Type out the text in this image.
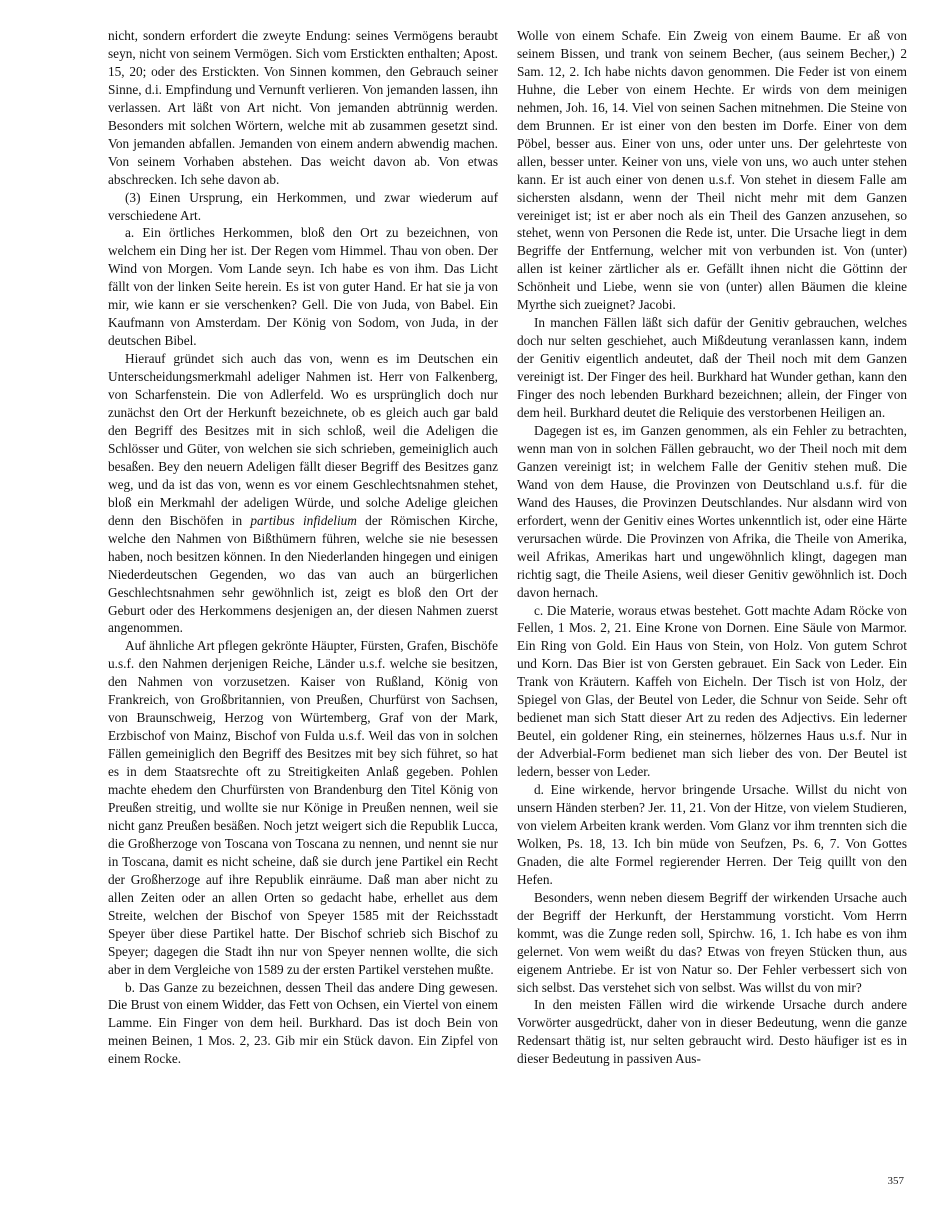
nicht, sondern erfordert die zweyte Endung: seines Vermögens beraubt seyn, nicht von seinem Vermögen. Sich vom Erstickten enthalten; Apost. 15, 20; oder des Erstickten. Von Sinnen kommen, den Gebrauch seiner Sinne, d.i. Empfindung und Vernunft verlieren. Von jemanden lassen, ihn verlassen. Art läßt von Art nicht. Von jemanden abtrünnig werden. Besonders mit solchen Wörtern, welche mit ab zusammen gesetzt sind. Von jemanden abfallen. Jemanden von einem andern abwendig machen. Von seinem Vorhaben abstehen. Das weicht davon ab. Von etwas abschrecken. Ich sehe davon ab.

(3) Einen Ursprung, ein Herkommen, und zwar wiederum auf verschiedene Art.

a. Ein örtliches Herkommen, bloß den Ort zu bezeichnen, von welchem ein Ding her ist. Der Regen vom Himmel. Thau von oben. Der Wind von Morgen. Vom Lande seyn. Ich habe es von ihm. Das Licht fällt von der linken Seite herein. Es ist von guter Hand. Er hat sie ja von mir, wie kann er sie verschenken? Gell. Die von Juda, von Babel. Ein Kaufmann von Amsterdam. Der König von Sodom, von Juda, in der deutschen Bibel.

Hierauf gründet sich auch das von, wenn es im Deutschen ein Unterscheidungsmerkmahl adeliger Nahmen ist. Herr von Falkenberg, von Scharfenstein. Die von Adlerfeld. Wo es ursprünglich doch nur zunächst den Ort der Herkunft bezeichnete, ob es gleich auch gar bald den Begriff des Besitzes mit in sich schloß, weil die Adeligen die Schlösser und Güter, von welchen sie sich schrieben, gemeiniglich auch besaßen. Bey den neuern Adeligen fällt dieser Begriff des Besitzes ganz weg, und da ist das von, wenn es vor einem Geschlechtsnahmen stehet, bloß ein Merkmahl der adeligen Würde, und solche Adelige gleichen denn den Bischöfen in partibus infidelium der Römischen Kirche, welche den Nahmen von Bißthümern führen, welche sie nie besessen haben, noch besitzen können. In den Niederlanden hingegen und einigen Niederdeutschen Gegenden, wo das van auch an bürgerlichen Geschlechtsnahmen sehr gewöhnlich ist, zeigt es bloß den Ort der Geburt oder des Herkommens desjenigen an, der diesen Nahmen zuerst angenommen.

Auf ähnliche Art pflegen gekrönte Häupter, Fürsten, Grafen, Bischöfe u.s.f. den Nahmen derjenigen Reiche, Länder u.s.f. welche sie besitzen, den Nahmen von vorzusetzen. Kaiser von Rußland, König von Frankreich, von Großbritannien, von Preußen, Churfürst von Sachsen, von Braunschweig, Herzog von Würtemberg, Graf von der Mark, Erzbischof von Mainz, Bischof von Fulda u.s.f. Weil das von in solchen Fällen gemeiniglich den Begriff des Besitzes mit bey sich führet, so hat es in dem Staatsrechte oft zu Streitigkeiten Anlaß gegeben. Pohlen machte ehedem den Churfürsten von Brandenburg den Titel König von Preußen streitig, und wollte sie nur Könige in Preußen nennen, weil sie nicht ganz Preußen besäßen. Noch jetzt weigert sich die Republik Lucca, die Großherzoge von Toscana von Toscana zu nennen, und nennt sie nur in Toscana, damit es nicht scheine, daß sie durch jene Partikel ein Recht der Großherzoge auf ihre Republik einräume. Daß man aber nicht zu allen Zeiten oder an allen Orten so gedacht habe, erhellet aus dem Streite, welchen der Bischof von Speyer 1585 mit der Reichsstadt Speyer über diese Partikel hatte. Der Bischof schrieb sich Bischof zu Speyer; dagegen die Stadt ihn nur von Speyer nennen wollte, die sich aber in dem Vergleiche von 1589 zu der ersten Partikel verstehen mußte.

b. Das Ganze zu bezeichnen, dessen Theil das andere Ding gewesen. Die Brust von einem Widder, das Fett von Ochsen, ein Viertel von einem Lamme. Ein Finger von dem heil. Burkhard. Das ist doch Bein von meinen Beinen, 1 Mos. 2, 23. Gib mir ein Stück davon. Ein Zipfel von einem Rocke.

Wolle von einem Schafe. Ein Zweig von einem Baume. Er aß von seinem Bissen, und trank von seinem Becher, (aus seinem Becher,) 2 Sam. 12, 2. Ich habe nichts davon genommen. Die Feder ist von einem Huhne, die Leber von einem Hechte. Er wirds von dem meinigen nehmen, Joh. 16, 14. Viel von seinen Sachen mitnehmen. Die Steine von dem Brunnen. Er ist einer von den besten im Dorfe. Einer von dem Pöbel, besser aus. Einer von uns, oder unter uns. Der gelehrteste von allen, besser unter. Keiner von uns, viele von uns, wo auch unter stehen kann. Er ist auch einer von denen u.s.f. Von stehet in diesem Falle am sichersten alsdann, wenn der Theil nicht mehr mit dem Ganzen vereiniget ist; ist er aber noch als ein Theil des Ganzen anzusehen, so stehet, wenn von Personen die Rede ist, unter. Die Ursache liegt in dem Begriffe der Entfernung, welcher mit von verbunden ist. Von (unter) allen ist keiner zärtlicher als er. Gefällt ihnen nicht die Göttinn der Schönheit und Liebe, wenn sie von (unter) allen Bäumen die kleine Myrthe sich zueignet? Jacobi.

In manchen Fällen läßt sich dafür der Genitiv gebrauchen, welches doch nur selten geschiehet, auch Mißdeutung veranlassen kann, indem der Genitiv eigentlich andeutet, daß der Theil noch mit dem Ganzen vereinigt ist. Der Finger des heil. Burkhard hat Wunder gethan, kann den Finger des noch lebenden Burkhard bezeichnen; allein, der Finger von dem heil. Burkhard deutet die Reliquie des verstorbenen Heiligen an.

Dagegen ist es, im Ganzen genommen, als ein Fehler zu betrachten, wenn man von in solchen Fällen gebraucht, wo der Theil noch mit dem Ganzen vereinigt ist; in welchem Falle der Genitiv stehen muß. Die Wand von dem Hause, die Provinzen von Deutschland u.s.f. für die Wand des Hauses, die Provinzen Deutschlandes. Nur alsdann wird von erfordert, wenn der Genitiv eines Wortes unkenntlich ist, oder eine Härte verursachen würde. Die Provinzen von Afrika, die Theile von Amerika, weil Afrikas, Amerikas hart und ungewöhnlich klingt, dagegen man richtig sagt, die Theile Asiens, weil dieser Genitiv gewöhnlich ist. Doch davon hernach.

c. Die Materie, woraus etwas bestehet. Gott machte Adam Röcke von Fellen, 1 Mos. 2, 21. Eine Krone von Dornen. Eine Säule von Marmor. Ein Ring von Gold. Ein Haus von Stein, von Holz. Von gutem Schrot und Korn. Das Bier ist von Gersten gebrauet. Ein Sack von Leder. Ein Trank von Kräutern. Kaffeh von Eicheln. Der Tisch ist von Holz, der Spiegel von Glas, der Beutel von Leder, die Schnur von Seide. Sehr oft bedienet man sich Statt dieser Art zu reden des Adjectivs. Ein lederner Beutel, ein goldener Ring, ein steinernes, hölzernes Haus u.s.f. Nur in der Adverbial-Form bedienet man sich lieber des von. Der Beutel ist ledern, besser von Leder.

d. Eine wirkende, hervor bringende Ursache. Willst du nicht von unsern Händen sterben? Jer. 11, 21. Von der Hitze, von vielem Studieren, von vielem Arbeiten krank werden. Vom Glanz vor ihm trennten sich die Wolken, Ps. 18, 13. Ich bin müde von Seufzen, Ps. 6, 7. Von Gottes Gnaden, die alte Formel regierender Herren. Der Teig quillt von den Hefen.

Besonders, wenn neben diesem Begriff der wirkenden Ursache auch der Begriff der Herkunft, der Herstammung vorsticht. Vom Herrn kommt, was die Zunge reden soll, Spirchw. 16, 1. Ich habe es von ihm gelernet. Von wem weißt du das? Etwas von freyen Stücken thun, aus eigenem Antriebe. Er ist von Natur so. Der Fehler verbessert sich von sich selbst. Das verstehet sich von selbst. Was willst du von mir?

In den meisten Fällen wird die wirkende Ursache durch andere Vorwörter ausgedrückt, daher von in dieser Bedeutung, wenn die ganze Redensart thätig ist, nur selten gebraucht wird. Desto häufiger ist es in dieser Bedeutung in passiven Aus-

357
